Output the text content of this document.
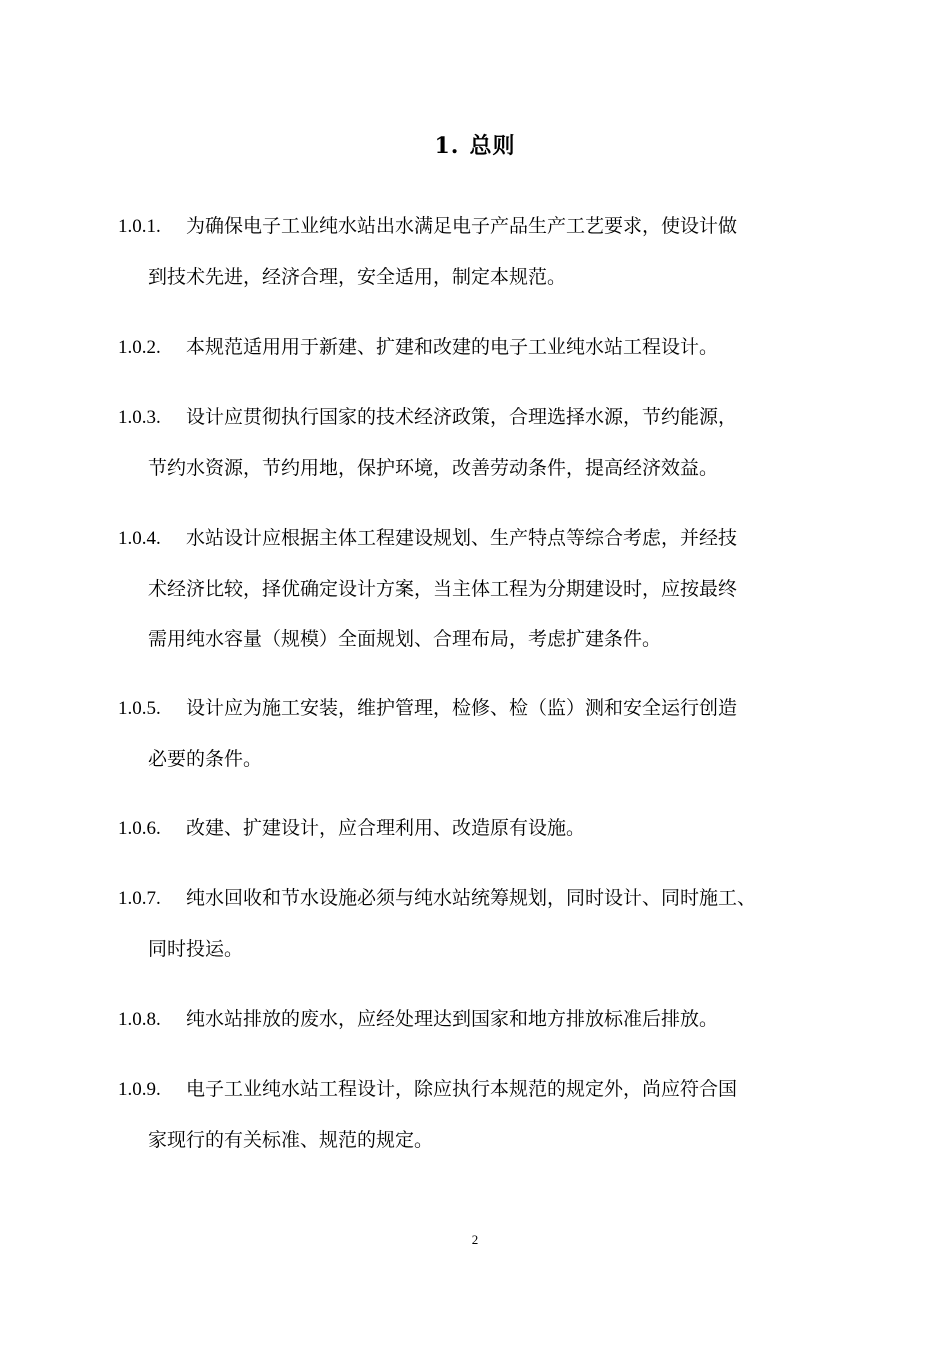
1. 总则
1.0.1. 为确保电子工业纯水站出水满足电子产品生产工艺要求，使设计做
到技术先进，经济合理，安全适用，制定本规范。
1.0.2. 本规范适用用于新建、扩建和改建的电子工业纯水站工程设计。
1.0.3. 设计应贯彻执行国家的技术经济政策，合理选择水源，节约能源，
节约水资源，节约用地，保护环境，改善劳动条件，提高经济效益。
1.0.4. 水站设计应根据主体工程建设规划、生产特点等综合考虑，并经技
术经济比较，择优确定设计方案，当主体工程为分期建设时，应按最终
需用纯水容量（规模）全面规划、合理布局，考虑扩建条件。
1.0.5. 设计应为施工安装，维护管理，检修、检（监）测和安全运行创造
必要的条件。
1.0.6. 改建、扩建设计，应合理利用、改造原有设施。
1.0.7. 纯水回收和节水设施必须与纯水站统筹规划，同时设计、同时施工、
同时投运。
1.0.8. 纯水站排放的废水，应经处理达到国家和地方排放标准后排放。
1.0.9. 电子工业纯水站工程设计，除应执行本规范的规定外，尚应符合国
家现行的有关标准、规范的规定。
2
